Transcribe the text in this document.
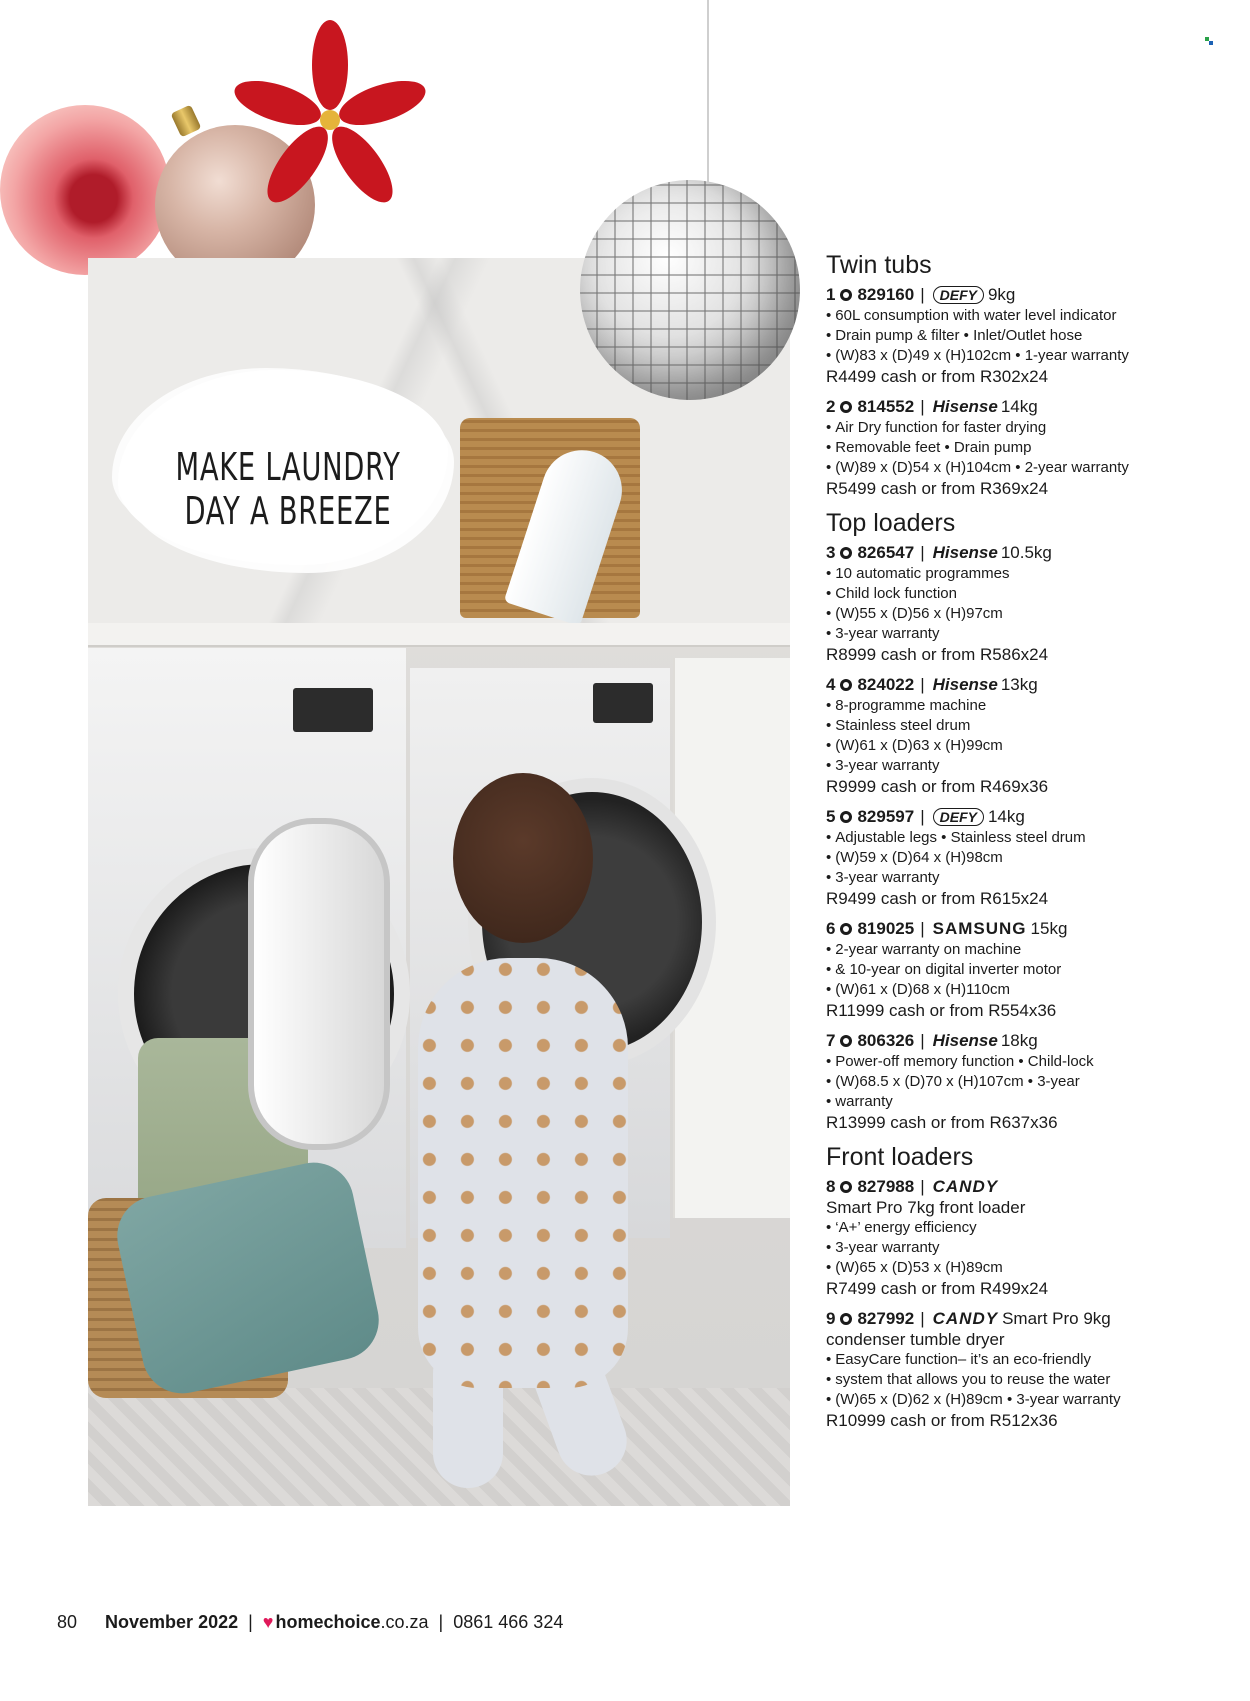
MAKE LAUNDRY
DAY A BREEZE
Twin tubs
1 829160 |	DEFY 9kg
• 60L consumption with water level indicator
• Drain pump & filter • Inlet/Outlet hose
• (W)83 x (D)49 x (H)102cm • 1-year warranty
R4499 cash or from R302x24
2 814552 | Hisense 14kg
• Air Dry function for faster drying
• Removable feet • Drain pump
• (W)89 x (D)54 x (H)104cm • 2-year warranty
R5499 cash or from R369x24
Top loaders
3 826547 | Hisense 10.5kg
• 10 automatic programmes
• Child lock function
• (W)55 x (D)56 x (H)97cm
• 3-year warranty
R8999 cash or from R586x24
4 824022 | Hisense 13kg
• 8-programme machine
• Stainless steel drum
• (W)61 x (D)63 x (H)99cm
• 3-year warranty
R9999 cash or from R469x36
5 829597 |	DEFY 14kg
• Adjustable legs • Stainless steel drum
• (W)59 x (D)64 x (H)98cm
• 3-year warranty
R9499 cash or from R615x24
6 819025 | SAMSUNG 15kg
• 2-year warranty on machine
• & 10-year on digital inverter motor
• (W)61 x (D)68 x (H)110cm
R11999 cash or from R554x36
7 806326 | Hisense 18kg
• Power-off memory function • Child-lock
• (W)68.5 x (D)70 x (H)107cm • 3-year
• warranty
R13999 cash or from R637x36
Front loaders
8 827988 | CANDY
Smart Pro 7kg front loader
• ‘A+’ energy efficiency
• 3-year warranty
• (W)65 x (D)53 x (H)89cm
R7499 cash or from R499x24
9 827992 | CANDY Smart Pro 9kg
condenser tumble dryer
• EasyCare function– it’s an eco-friendly
• system that allows you to reuse the water
• (W)65 x (D)62 x (H)89cm • 3-year warranty
R10999 cash or from R512x36
80 November 2022 | ♥ homechoice .co.za | 0861 466 324
